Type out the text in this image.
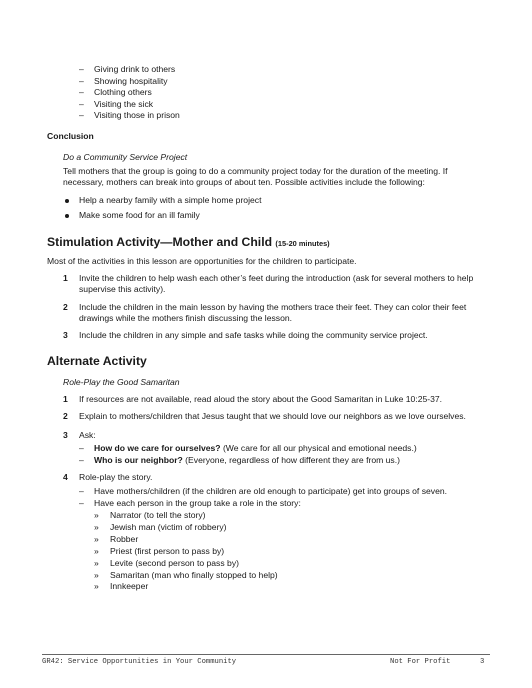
– Giving drink to others
– Showing hospitality
– Clothing others
– Visiting the sick
– Visiting those in prison
Conclusion
Do a Community Service Project
Tell mothers that the group is going to do a community project today for the duration of the meeting. If necessary, mothers can break into groups of about ten. Possible activities include the following:
Help a nearby family with a simple home project
Make some food for an ill family
Stimulation Activity—Mother and Child (15-20 minutes)
Most of the activities in this lesson are opportunities for the children to participate.
1 Invite the children to help wash each other’s feet during the introduction (ask for several mothers to help supervise this activity).
2 Include the children in the main lesson by having the mothers trace their feet. They can color their feet drawings while the mothers finish discussing the lesson.
3 Include the children in any simple and safe tasks while doing the community service project.
Alternate Activity
Role-Play the Good Samaritan
1 If resources are not available, read aloud the story about the Good Samaritan in Luke 10:25-37.
2 Explain to mothers/children that Jesus taught that we should love our neighbors as we love ourselves.
3 Ask:
– How do we care for ourselves? (We care for all our physical and emotional needs.)
– Who is our neighbor? (Everyone, regardless of how different they are from us.)
4 Role-play the story.
– Have mothers/children (if the children are old enough to participate) get into groups of seven.
– Have each person in the group take a role in the story:
» Narrator (to tell the story)
» Jewish man (victim of robbery)
» Robber
» Priest (first person to pass by)
» Levite (second person to pass by)
» Samaritan (man who finally stopped to help)
» Innkeeper
GR42: Service Opportunities in Your Community	Not For Profit	3
